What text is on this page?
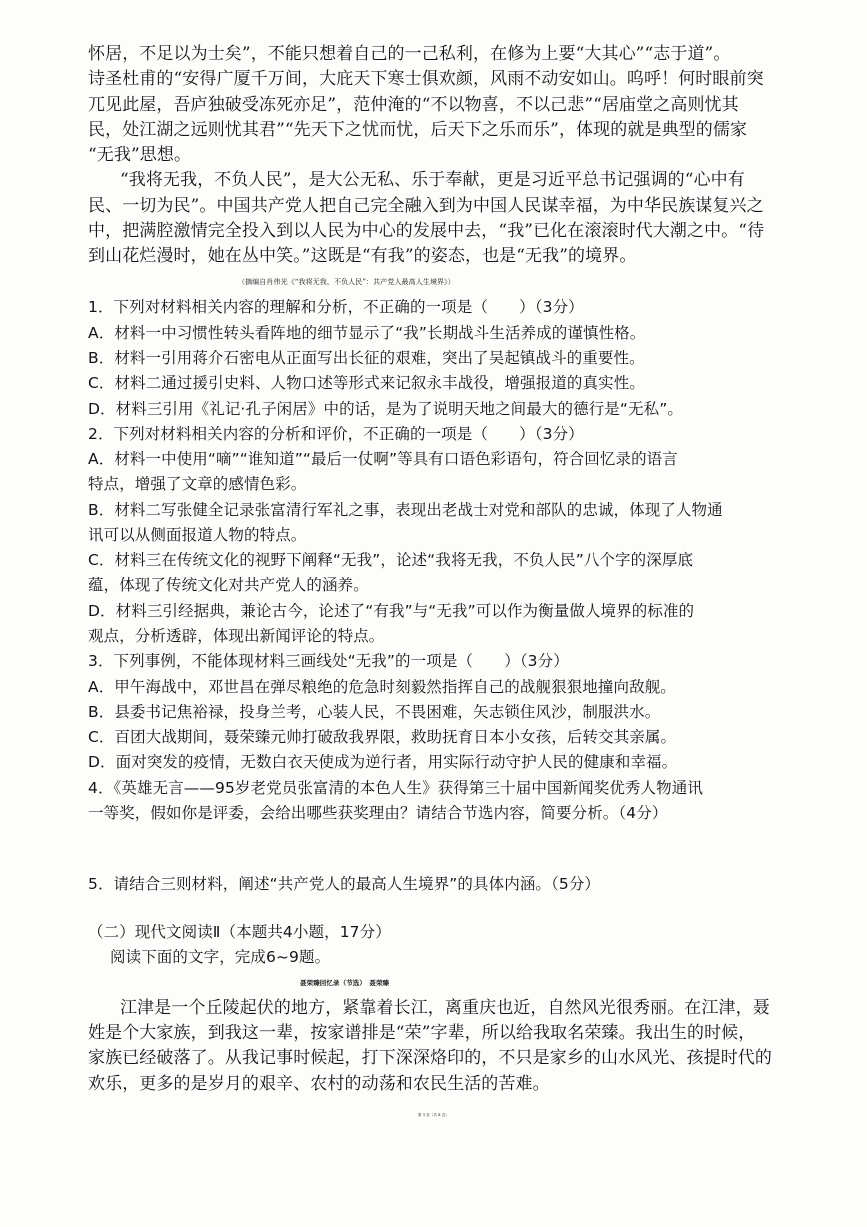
怀居，不足以为士矣”，不能只想着自己的一己私利，在修为上要“大其心”“志于道”。

诗圣杜甫的“安得广厦千万间，大庇天下寒士俱欢颜，风雨不动安如山。呜呼！何时眼前突

兀见此屋，吾庐独破受冻死亦足”，范仲淹的“不以物喜，不以己悲”“居庙堂之高则忧其

民，处江湖之远则忧其君”“先天下之忧而忧，后天下之乐而乐”，体现的就是典型的儒家

“无我”思想。

“我将无我，不负人民”，是大公无私、乐于奉献，更是习近平总书记强调的“心中有

民、一切为民”。中国共产党人把自己完全融入到为中国人民谋幸福，为中华民族谋复兴之

中，把满腔激情完全投入到以人民为中心的发展中去，“我”已化在滚滚时代大潮之中。“待

到山花烂漫时，她在丛中笑。”这既是“有我”的姿态，也是“无我”的境界。

（摘编自肖伟光《“我将无我，不负人民”：共产党人最高人生境界》）

1．下列对材料相关内容的理解和分析，不正确的一项是（　　）（3分）

A．材料一中习惯性转头看阵地的细节显示了“我”长期战斗生活养成的谨慎性格。

B．材料一引用蒋介石密电从正面写出长征的艰难，突出了吴起镇战斗的重要性。

C．材料二通过援引史料、人物口述等形式来记叙永丰战役，增强报道的真实性。

D．材料三引用《礼记·孔子闲居》中的话，是为了说明天地之间最大的德行是“无私”。

2．下列对材料相关内容的分析和评价，不正确的一项是（　　）（3分）

A．材料一中使用“嘀”“谁知道”“最后一仗啊”等具有口语色彩语句，符合回忆录的语言

特点，增强了文章的感情色彩。

B．材料二写张健全记录张富清行军礼之事，表现出老战士对党和部队的忠诚，体现了人物通

讯可以从侧面报道人物的特点。

C．材料三在传统文化的视野下阐释“无我”，论述“我将无我，不负人民”八个字的深厚底

蕴，体现了传统文化对共产党人的涵养。

D．材料三引经据典，兼论古今，论述了“有我”与“无我”可以作为衡量做人境界的标准的

观点，分析透辟，体现出新闻评论的特点。

3．下列事例，不能体现材料三画线处“无我”的一项是（　　）（3分）

A．甲午海战中，邓世昌在弹尽粮绝的危急时刻毅然指挥自己的战舰狠狠地撞向敌舰。

B．县委书记焦裕禄，投身兰考，心装人民，不畏困难，矢志锁住风沙，制服洪水。

C．百团大战期间，聂荣臻元帅打破敌我界限，救助抚育日本小女孩，后转交其亲属。

D．面对突发的疫情，无数白衣天使成为逆行者，用实际行动守护人民的健康和幸福。

4．《英雄无言——95岁老党员张富清的本色人生》获得第三十届中国新闻奖优秀人物通讯

一等奖，假如你是评委，会给出哪些获奖理由？请结合节选内容，简要分析。（4分）

5．请结合三则材料，阐述“共产党人的最高人生境界”的具体内涵。（5分）

（二）现代文阅读Ⅱ（本题共4小题，17分）

阅读下面的文字，完成6~9题。

聂荣臻回忆录（节选）　聂荣臻

江津是一个丘陵起伏的地方，紧靠着长江，离重庆也近，自然风光很秀丽。在江津，聂

姓是个大家族，到我这一辈，按家谱排是“荣”字辈，所以给我取名荣臻。我出生的时候，

家族已经破落了。从我记事时候起，打下深深烙印的，不只是家乡的山水风光、孩提时代的

欢乐，更多的是岁月的艰辛、农村的动荡和农民生活的苦难。

第 3 页（共 8 页）
